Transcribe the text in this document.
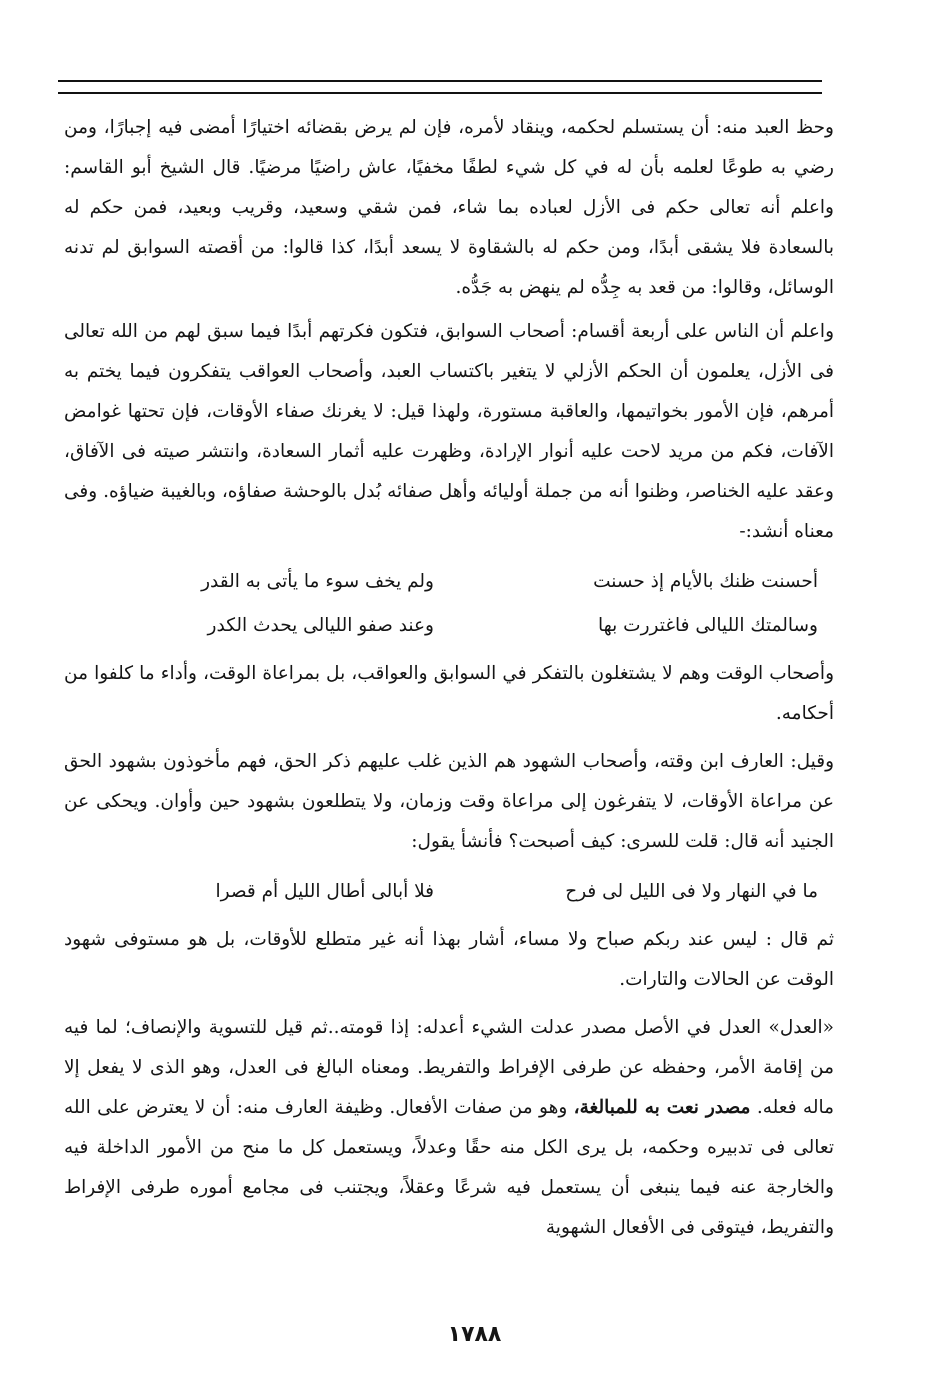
وحظ العبد منه: أن يستسلم لحكمه، وينقاد لأمره، فإن لم يرض بقضائه اختيارًا أمضى فيه إجبارًا، ومن رضي به طوعًا لعلمه بأن له في كل شيء لطفًا مخفيًا، عاش راضيًا مرضيًا. قال الشيخ أبو القاسم: واعلم أنه تعالى حكم فى الأزل لعباده بما شاء، فمن شقي وسعيد، وقريب وبعيد، فمن حكم له بالسعادة فلا يشقى أبدًا، ومن حكم له بالشقاوة لا يسعد أبدًا، كذا قالوا: من أقصته السوابق لم تدنه الوسائل، وقالوا: من قعد به جِدُّه لم ينهض به جَدُّه.

واعلم أن الناس على أربعة أقسام: أصحاب السوابق، فتكون فكرتهم أبدًا فيما سبق لهم من الله تعالى فى الأزل، يعلمون أن الحكم الأزلي لا يتغير باكتساب العبد، وأصحاب العواقب يتفكرون فيما يختم به أمرهم، فإن الأمور بخواتيمها، والعاقبة مستورة، ولهذا قيل: لا يغرنك صفاء الأوقات، فإن تحتها غوامض الآفات، فكم من مريد لاحت عليه أنوار الإرادة، وظهرت عليه أثمار السعادة، وانتشر صيته فى الآفاق، وعقد عليه الخناصر، وظنوا أنه من جملة أوليائه وأهل صفائه بُدل بالوحشة صفاؤه، وبالغيبة ضياؤه. وفى معناه أنشد:-

أحسنت ظنك بالأيام إذ حسنت
ولم يخف سوء ما يأتى به القدر
وسالمتك الليالى فاغتررت بها
وعند صفو الليالى يحدث الكدر

وأصحاب الوقت وهم لا يشتغلون بالتفكر في السوابق والعواقب، بل بمراعاة الوقت، وأداء ما كلفوا من أحكامه.

وقيل: العارف ابن وقته، وأصحاب الشهود هم الذين غلب عليهم ذكر الحق، فهم مأخوذون بشهود الحق عن مراعاة الأوقات، لا يتفرغون إلى مراعاة وقت وزمان، ولا يتطلعون بشهود حين وأوان. ويحكى عن الجنيد أنه قال: قلت للسرى: كيف أصبحت؟ فأنشأ يقول:

ما في النهار ولا فى الليل لى فرح
فلا أبالى أطال الليل أم قصرا

ثم قال : ليس عند ربكم صباح ولا مساء، أشار بهذا أنه غير متطلع للأوقات، بل هو مستوفى شهود الوقت عن الحالات والتارات.

«العدل» العدل في الأصل مصدر عدلت الشيء أعدله: إذا قومته..ثم قيل للتسوية والإنصاف؛ لما فيه من إقامة الأمر، وحفظه عن طرفى الإفراط والتفريط. ومعناه البالغ فى العدل، وهو الذى لا يفعل إلا ماله فعله. مصدر نعت به للمبالغة، وهو من صفات الأفعال. وظيفة العارف منه: أن لا يعترض على الله تعالى فى تدبيره وحكمه، بل يرى الكل منه حقًا وعدلاً، ويستعمل كل ما منح من الأمور الداخلة فيه والخارجة عنه فيما ينبغى أن يستعمل فيه شرعًا وعقلاً، ويجتنب فى مجامع أموره طرفى الإفراط والتفريط، فيتوقى فى الأفعال الشهوية

١٧٨٨
